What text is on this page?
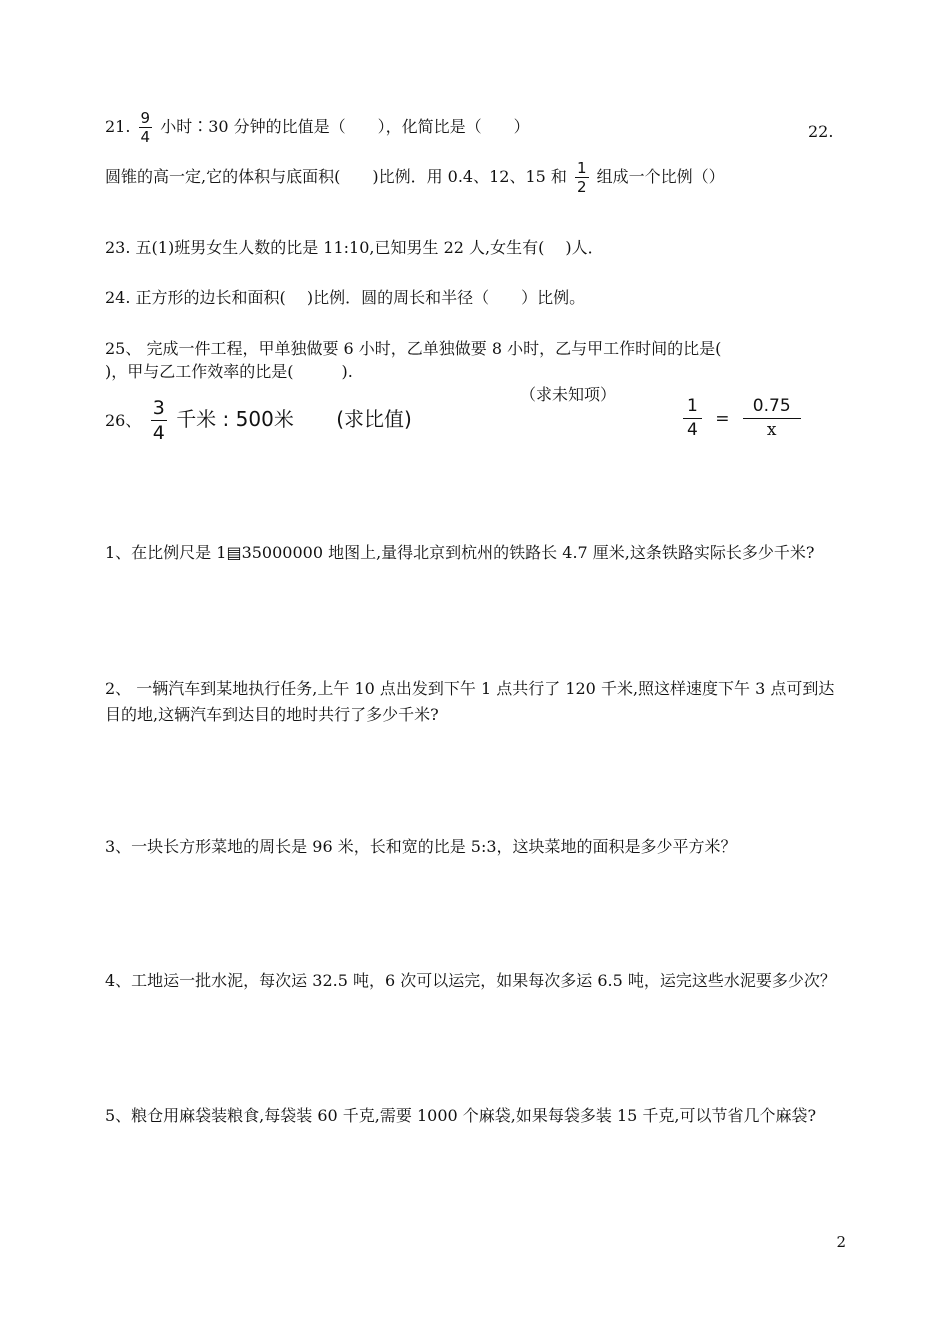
21. $\frac{9}{4}$ 小时∶30 分钟的比值是（　　），化简比是（　　）	22.
圆锥的高一定,它的体积与底面积(　　)比例．用 0.4、12、15 和 $\frac{1}{2}$ 组成一个比例（）
23. 五(1)班男女生人数的比是 11:10,已知男生 22 人,女生有(　 )人．
24. 正方形的边长和面积(　 )比例．圆的周长和半径（　　）比例。
25、 完成一件工程，甲单独做要 6 小时，乙单独做要 8 小时，乙与甲工作时间的比是(
)，甲与乙工作效率的比是(　　　).
（求未知项）
26、 $\frac{3}{4}$ 千米 : 500米 (求比值)	$\frac{1}{4} = \frac{0.75}{x}$
1、在比例尺是 1▤35000000 地图上,量得北京到杭州的铁路长 4.7 厘米,这条铁路实际长多少千米?
2、 一辆汽车到某地执行任务,上午 10 点出发到下午 1 点共行了 120 千米,照这样速度下午 3 点可到达目的地,这辆汽车到达目的地时共行了多少千米?
3、一块长方形菜地的周长是 96 米，长和宽的比是 5:3，这块菜地的面积是多少平方米？
4、工地运一批水泥，每次运 32.5 吨，6 次可以运完，如果每次多运 6.5 吨，运完这些水泥要多少次？
5、粮仓用麻袋装粮食,每袋装 60 千克,需要 1000 个麻袋,如果每袋多装 15 千克,可以节省几个麻袋?
2
